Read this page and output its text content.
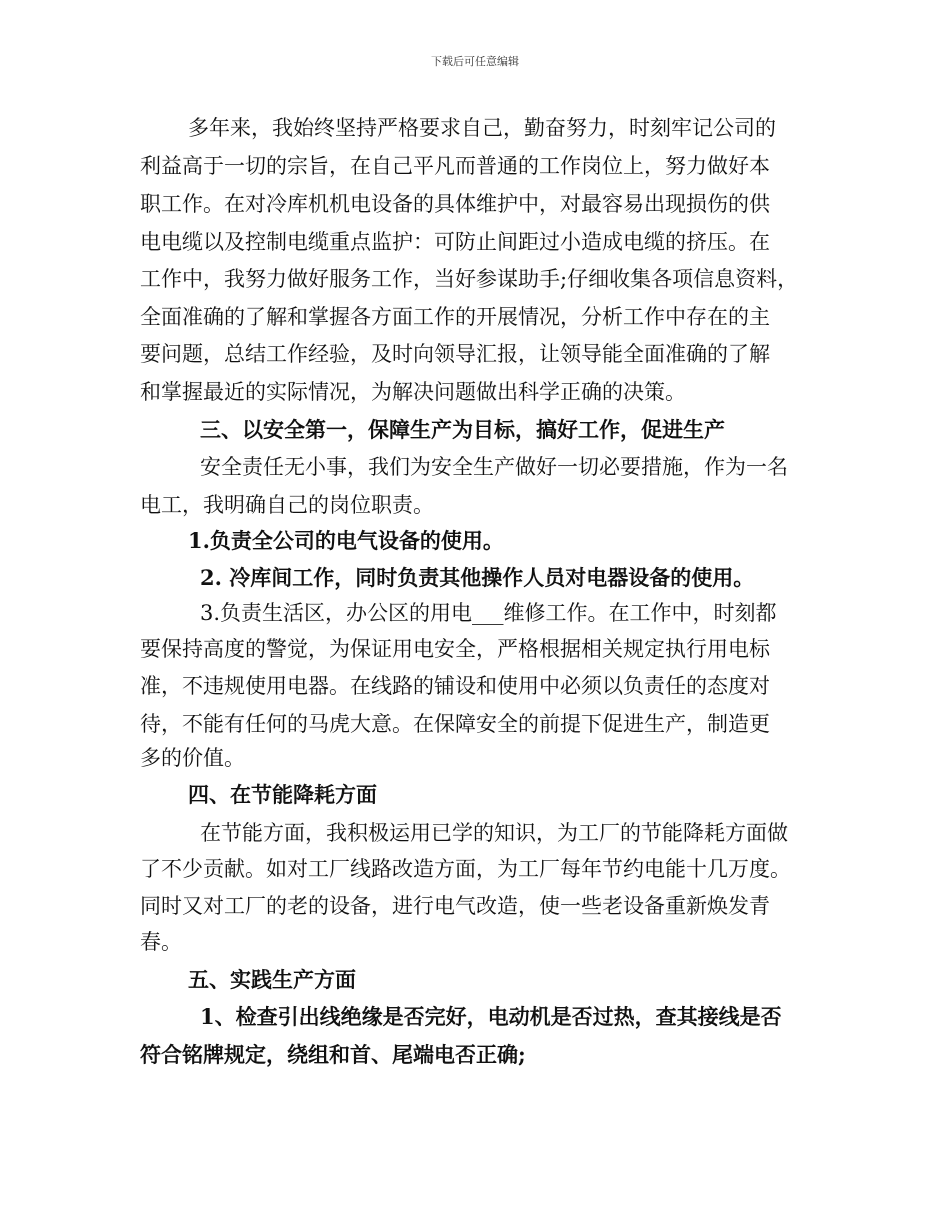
下载后可任意编辑
多年来，我始终坚持严格要求自己，勤奋努力，时刻牢记公司的
利益高于一切的宗旨，在自己平凡而普通的工作岗位上，努力做好本
职工作。在对冷库机机电设备的具体维护中，对最容易出现损伤的供
电电缆以及控制电缆重点监护：可防止间距过小造成电缆的挤压。在
工作中，我努力做好服务工作，当好参谋助手;仔细收集各项信息资料，
全面准确的了解和掌握各方面工作的开展情况，分析工作中存在的主
要问题，总结工作经验，及时向领导汇报，让领导能全面准确的了解
和掌握最近的实际情况，为解决问题做出科学正确的决策。
三、以安全第一，保障生产为目标，搞好工作，促进生产
安全责任无小事，我们为安全生产做好一切必要措施，作为一名
电工，我明确自己的岗位职责。
1.负责全公司的电气设备的使用。
2. 冷库间工作，同时负责其他操作人员对电器设备的使用。
3.负责生活区，办公区的用电___维修工作。在工作中，时刻都
要保持高度的警觉，为保证用电安全，严格根据相关规定执行用电标
准，不违规使用电器。在线路的铺设和使用中必须以负责任的态度对
待，不能有任何的马虎大意。在保障安全的前提下促进生产，制造更
多的价值。
四、在节能降耗方面
在节能方面，我积极运用已学的知识，为工厂的节能降耗方面做
了不少贡献。如对工厂线路改造方面，为工厂每年节约电能十几万度。
同时又对工厂的老的设备，进行电气改造，使一些老设备重新焕发青
春。
五、实践生产方面
1、检查引出线绝缘是否完好，电动机是否过热，查其接线是否
符合铭牌规定，绕组和首、尾端电否正确;
